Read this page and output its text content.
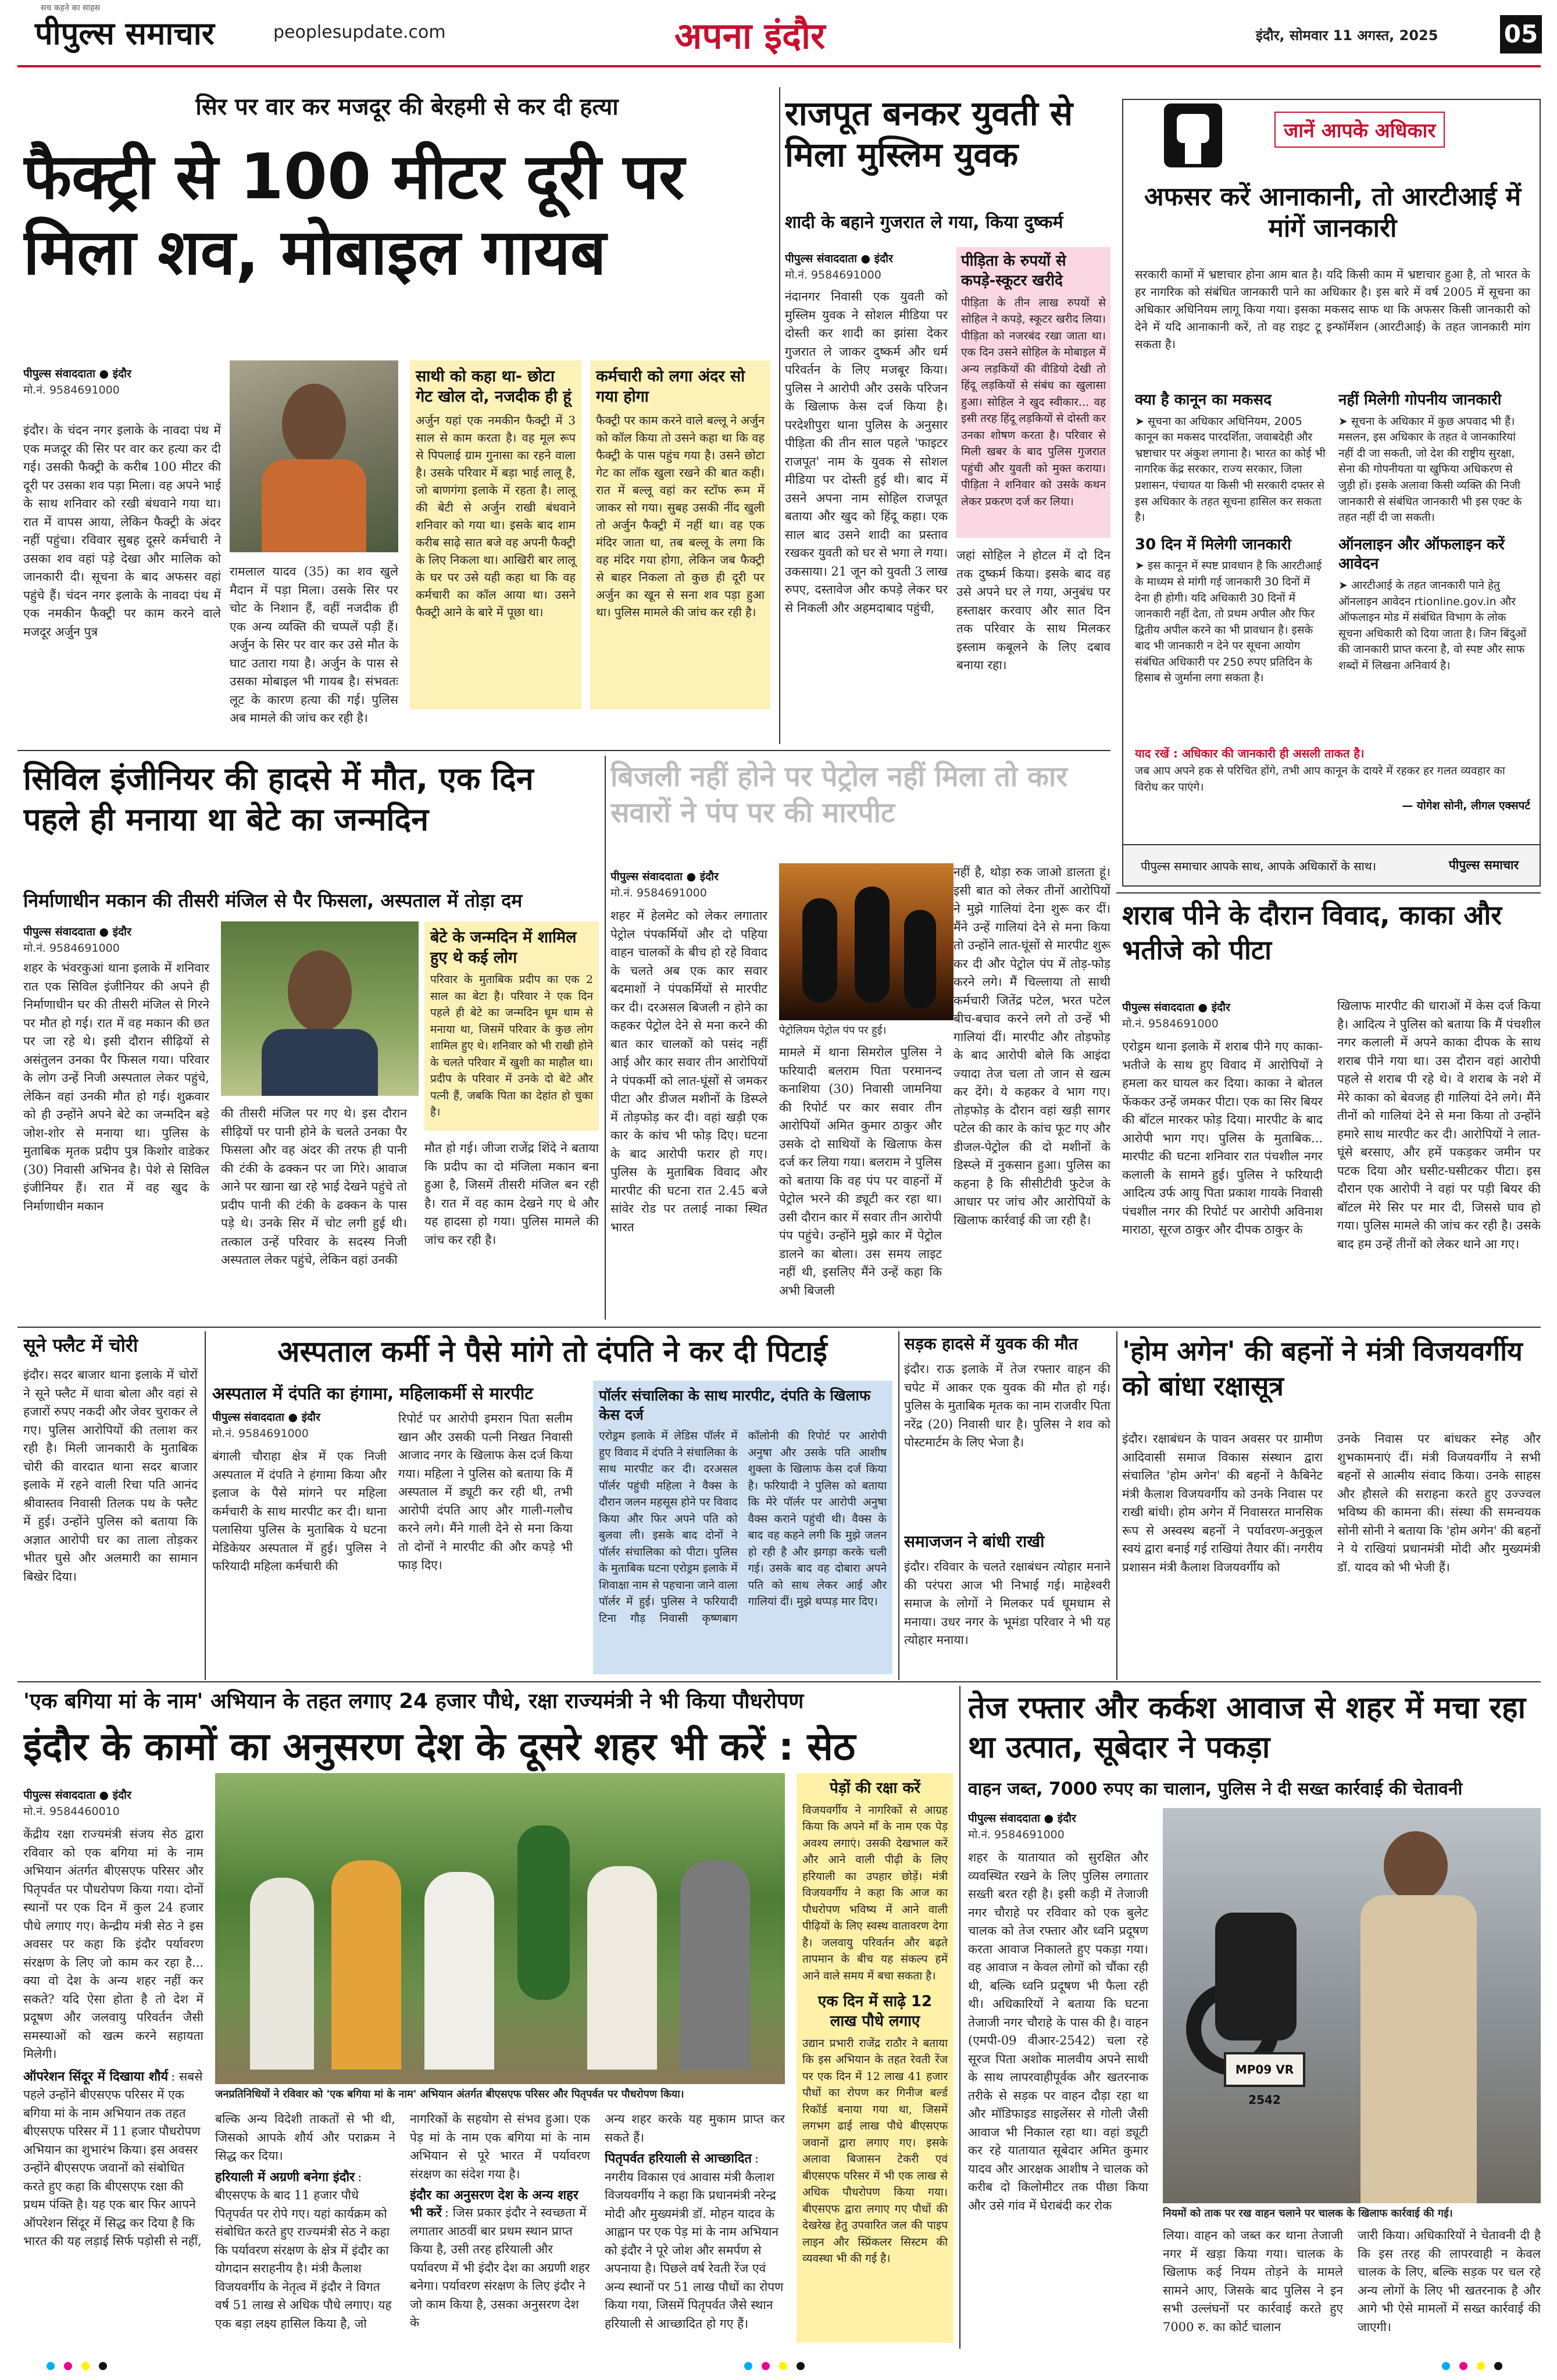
पीपुल्स समाचार
सच कहने का साहस
peoplesupdate.com	अपना इंदौर	इंदौर, सोमवार 11 अगस्त, 2025	05
सिर पर वार कर मजदूर की बेरहमी से कर दी हत्या
फैक्ट्री से 100 मीटर दूरी पर मिला शव, मोबाइल गायब
पीपुल्स संवाददाता ● इंदौर
मो.नं. 9584691000
इंदौर। के चंदन नगर इलाके के नावदा पंथ में एक मजदूर की सिर पर वार कर हत्या कर दी गई। उसकी फैक्ट्री के करीब 100 मीटर की दूरी पर उसका शव पड़ा मिला। वह अपने भाई के साथ शनिवार को रखी बंधवाने गया था। रात में वापस आया, लेकिन फैक्ट्री के अंदर नहीं पहुंचा। रविवार सुबह दूसरे कर्मचारी ने उसका शव वहां पड़े देखा और मालिक को जानकारी दी। सूचना के बाद अफसर वहां पहुंचे हैं। चंदन नगर इलाके के नावदा पंथ में एक नमकीन फैक्ट्री पर काम करने वाले मजदूर अर्जुन पुत्र
रामलाल यादव (35) का शव खुले मैदान में पड़ा मिला। उसके सिर पर चोट के निशान हैं, वहीं नजदीक ही एक अन्य व्यक्ति की चप्पलें पड़ी हैं। अर्जुन के सिर पर वार कर उसे मौत के घाट उतारा गया है। अर्जुन के पास से उसका मोबाइल भी गायब है। संभवतः लूट के कारण हत्या की गई। पुलिस अब मामले की जांच कर रही है।
साथी को कहा था- छोटा गेट खोल दो, नजदीक ही हूं
अर्जुन यहां एक नमकीन फैक्ट्री में 3 साल से काम करता है। वह मूल रूप से पिपलाई ग्राम गुनासा का रहने वाला है। उसके परिवार में बड़ा भाई लालू है, जो बाणगंगा इलाके में रहता है। लालू की बेटी से अर्जुन राखी बंधवाने शनिवार को गया था। इसके बाद शाम करीब साढ़े सात बजे वह अपनी फैक्ट्री के लिए निकला था। आखिरी बार लालू के घर पर उसे यही कहा था कि वह कर्मचारी का कॉल आया था। उसने फैक्ट्री आने के बारे में पूछा था।
कर्मचारी को लगा अंदर सो गया होगा
फैक्ट्री पर काम करने वाले बल्लू ने अर्जुन को कॉल किया तो उसने कहा था कि वह फैक्ट्री के पास पहुंच गया है। उसने छोटा गेट का लॉक खुला रखने की बात कही। रात में बल्लू वहां कर स्टॉफ रूम में जाकर सो गया। सुबह उसकी नींद खुली तो अर्जुन फैक्ट्री में नहीं था। वह एक मंदिर जाता था, तब बल्लू के लगा कि वह मंदिर गया होगा, लेकिन जब फैक्ट्री से बाहर निकला तो कुछ ही दूरी पर अर्जुन का खून से सना शव पड़ा हुआ था। पुलिस मामले की जांच कर रही है।
राजपूत बनकर युवती से मिला मुस्लिम युवक
शादी के बहाने गुजरात ले गया, किया दुष्कर्म
पीपुल्स संवाददाता ● इंदौर
मो.नं. 9584691000
नंदानगर निवासी एक युवती को मुस्लिम युवक ने सोशल मीडिया पर दोस्ती कर शादी का झांसा देकर गुजरात ले जाकर दुष्कर्म और धर्म परिवर्तन के लिए मजबूर किया। पुलिस ने आरोपी और उसके परिजन के खिलाफ केस दर्ज किया है। परदेशीपुरा थाना पुलिस के अनुसार पीड़िता की तीन साल पहले 'फाइटर राजपूत' नाम के युवक से सोशल मीडिया पर दोस्ती हुई थी। बाद में उसने अपना नाम सोहिल राजपूत बताया और खुद को हिंदू कहा। एक साल बाद उसने शादी का प्रस्ताव रखकर युवती को घर से भगा ले गया। उकसाया। 21 जून को युवती 3 लाख रुपए, दस्तावेज और कपड़े लेकर घर से निकली और अहमदाबाद पहुंची,
पीड़िता के रुपयों से कपड़े-स्कूटर खरीदे
पीड़िता के तीन लाख रुपयों से सोहिल ने कपड़े, स्कूटर खरीद लिया। पीड़िता को नजरबंद रखा जाता था। एक दिन उसने सोहिल के मोबाइल में अन्य लड़कियों की वीडियो देखी तो हिंदू लड़कियों से संबंध का खुलासा हुआ। सोहिल ने खुद स्वीकार... वह इसी तरह हिंदू लड़कियों से दोस्ती कर उनका शोषण करता है। परिवार से मिली खबर के बाद पुलिस गुजरात पहुंची और युवती को मुक्त कराया। पीड़िता ने शनिवार को उसके कथन लेकर प्रकरण दर्ज कर लिया।
जहां सोहिल ने होटल में दो दिन तक दुष्कर्म किया। इसके बाद वह उसे अपने घर ले गया, अनुबंध पर हस्ताक्षर करवाए और सात दिन तक परिवार के साथ मिलकर इस्लाम कबूलने के लिए दबाव बनाया रहा।
जानें आपके अधिकार
अफसर करें आनाकानी, तो आरटीआई में मांगें जानकारी
सरकारी कामों में भ्रष्टाचार होना आम बात है। यदि किसी काम में भ्रष्टाचार हुआ है, तो भारत के हर नागरिक को संबंधित जानकारी पाने का अधिकार है। इस बारे में वर्ष 2005 में सूचना का अधिकार अधिनियम लागू किया गया। इसका मकसद साफ था कि अफसर किसी जानकारी को देने में यदि आनाकानी करें, तो वह राइट टू इन्फॉर्मेशन (आरटीआई) के तहत जानकारी मांग सकता है।
क्या है कानून का मकसद
➤ सूचना का अधिकार अधिनियम, 2005 कानून का मकसद पारदर्शिता, जवाबदेही और भ्रष्टाचार पर अंकुश लगाना है। भारत का कोई भी नागरिक केंद्र सरकार, राज्य सरकार, जिला प्रशासन, पंचायत या किसी भी सरकारी दफ्तर से इस अधिकार के तहत सूचना हासिल कर सकता है।
30 दिन में मिलेगी जानकारी
➤ इस कानून में स्पष्ट प्रावधान है कि आरटीआई के माध्यम से मांगी गई जानकारी 30 दिनों में देना ही होगी। यदि अधिकारी 30 दिनों में जानकारी नहीं देता, तो प्रथम अपील और फिर द्वितीय अपील करने का भी प्रावधान है। इसके बाद भी जानकारी न देने पर सूचना आयोग संबंधित अधिकारी पर 250 रुपए प्रतिदिन के हिसाब से जुर्माना लगा सकता है।
नहीं मिलेगी गोपनीय जानकारी
➤ सूचना के अधिकार में कुछ अपवाद भी हैं। मसलन, इस अधिकार के तहत वे जानकारियां नहीं दी जा सकती, जो देश की राष्ट्रीय सुरक्षा, सेना की गोपनीयता या खुफिया अधिकरण से जुड़ी हों। इसके अलावा किसी व्यक्ति की निजी जानकारी से संबंधित जानकारी भी इस एक्ट के तहत नहीं दी जा सकती।
ऑनलाइन और ऑफलाइन करें आवेदन
➤ आरटीआई के तहत जानकारी पाने हेतु ऑनलाइन आवेदन rtionline.gov.in और ऑफलाइन मोड में संबंधित विभाग के लोक सूचना अधिकारी को दिया जाता है। जिन बिंदुओं की जानकारी प्राप्त करना है, वो स्पष्ट और साफ शब्दों में लिखना अनिवार्य है।
याद रखें : अधिकार की जानकारी ही असली ताकत है।
जब आप अपने हक से परिचित होंगे, तभी आप कानून के दायरे में रहकर हर गलत व्यवहार का विरोध कर पाएंगे।
— योगेश सोनी, लीगल एक्सपर्ट
पीपुल्स समाचार आपके साथ, आपके अधिकारों के साथ।	पीपुल्स समाचार
सिविल इंजीनियर की हादसे में मौत, एक दिन पहले ही मनाया था बेटे का जन्मदिन
निर्माणाधीन मकान की तीसरी मंजिल से पैर फिसला, अस्पताल में तोड़ा दम
पीपुल्स संवाददाता ● इंदौर
मो.नं. 9584691000
शहर के भंवरकुआं थाना इलाके में शनिवार रात एक सिविल इंजीनियर की अपने ही निर्माणाधीन घर की तीसरी मंजिल से गिरने पर मौत हो गई। रात में वह मकान की छत पर जा रहे थे। इसी दौरान सीढ़ियों से असंतुलन उनका पैर फिसल गया। परिवार के लोग उन्हें निजी अस्पताल लेकर पहुंचे, लेकिन वहां उनकी मौत हो गई। शुक्रवार को ही उन्होंने अपने बेटे का जन्मदिन बड़े जोश-शोर से मनाया था। पुलिस के मुताबिक मृतक प्रदीप पुत्र किशोर वाडेकर (30) निवासी अभिनव है। पेशे से सिविल इंजीनियर हैं। रात में वह खुद के निर्माणाधीन मकान
की तीसरी मंजिल पर गए थे। इस दौरान सीढ़ियों पर पानी होने के चलते उनका पैर फिसला और वह अंदर की तरफ ही पानी की टंकी के ढक्कन पर जा गिरे। आवाज आने पर खाना खा रहे भाई देखने पहुंचे तो प्रदीप पानी की टंकी के ढक्कन के पास पड़े थे। उनके सिर में चोट लगी हुई थी। तत्काल उन्हें परिवार के सदस्य निजी अस्पताल लेकर पहुंचे, लेकिन वहां उनकी
बेटे के जन्मदिन में शामिल हुए थे कई लोग
परिवार के मुताबिक प्रदीप का एक 2 साल का बेटा है। परिवार ने एक दिन पहले ही बेटे का जन्मदिन धूम धाम से मनाया था, जिसमें परिवार के कुछ लोग शामिल हुए थे। शनिवार को भी राखी होने के चलते परिवार में खुशी का माहौल था। प्रदीप के परिवार में उनके दो बेटे और पत्नी हैं, जबकि पिता का देहांत हो चुका है।
मौत हो गई। जीजा राजेंद्र शिंदे ने बताया कि प्रदीप का दो मंजिला मकान बना हुआ है, जिसमें तीसरी मंजिल बन रही है। रात में वह काम देखने गए थे और यह हादसा हो गया। पुलिस मामले की जांच कर रही है।
बिजली नहीं होने पर पेट्रोल नहीं मिला तो कार सवारों ने पंप पर की मारपीट
पीपुल्स संवाददाता ● इंदौर
मो.नं. 9584691000
शहर में हेलमेट को लेकर लगातार पेट्रोल पंपकर्मियों और दो पहिया वाहन चालकों के बीच हो रहे विवाद के चलते अब एक कार सवार बदमाशों ने पंपकर्मियों से मारपीट कर दी। दरअसल बिजली न होने का कहकर पेट्रोल देने से मना करने की बात कार चालकों को पसंद नहीं आई और कार सवार तीन आरोपियों ने पंपकर्मी को लात-घूंसों से जमकर पीटा और डीजल मशीनों के डिस्प्ले में तोड़फोड़ कर दी। वहां खड़ी एक कार के कांच भी फोड़ दिए। घटना के बाद आरोपी फरार हो गए। पुलिस के मुताबिक विवाद और मारपीट की घटना रात 2.45 बजे सांवेर रोड पर तलाई नाका स्थित भारत
पेट्रोलियम पेट्रोल पंप पर हुई।
मामले में थाना सिमरोल पुलिस ने फरियादी बलराम पिता परमानन्द कनाशिया (30) निवासी जामनिया की रिपोर्ट पर कार सवार तीन आरोपियों अमित कुमार ठाकुर और उसके दो साथियों के खिलाफ केस दर्ज कर लिया गया। बलराम ने पुलिस को बताया कि वह पंप पर वाहनों में पेट्रोल भरने की ड्यूटी कर रहा था। उसी दौरान कार में सवार तीन आरोपी पंप पहुंचे। उन्होंने मुझे कार में पेट्रोल डालने का बोला। उस समय लाइट नहीं थी, इसलिए मैंने उन्हें कहा कि अभी बिजली
नहीं है, थोड़ा रुक जाओ डालता हूं। इसी बात को लेकर तीनों आरोपियों ने मुझे गालियां देना शुरू कर दीं। मैंने उन्हें गालियां देने से मना किया तो उन्होंने लात-घूंसों से मारपीट शुरू कर दी और पेट्रोल पंप में तोड़-फोड़ करने लगे। मैं चिल्लाया तो साथी कर्मचारी जितेंद्र पटेल, भरत पटेल बीच-बचाव करने लगे तो उन्हें भी गालियां दीं। मारपीट और तोड़फोड़ के बाद आरोपी बोले कि आइंदा ज्यादा तेज चला तो जान से खत्म कर देंगे। ये कहकर वे भाग गए। तोड़फोड़ के दौरान वहां खड़ी सागर पटेल की कार के कांच फूट गए और डीजल-पेट्रोल की दो मशीनों के डिस्प्ले में नुकसान हुआ। पुलिस का कहना है कि सीसीटीवी फुटेज के आधार पर जांच और आरोपियों के खिलाफ कार्रवाई की जा रही है।
शराब पीने के दौरान विवाद, काका और भतीजे को पीटा
पीपुल्स संवाददाता ● इंदौर
मो.नं. 9584691000
एरोड्रम थाना इलाके में शराब पीने गए काका-भतीजे के साथ हुए विवाद में आरोपियों ने हमला कर घायल कर दिया। काका ने बोतल फेंककर उन्हें जमकर पीटा। एक का सिर बियर की बॉटल मारकर फोड़ दिया। मारपीट के बाद आरोपी भाग गए। पुलिस के मुताबिक... मारपीट की घटना शनिवार रात पंचशील नगर कलाली के सामने हुई। पुलिस ने फरियादी आदित्य उर्फ आयु पिता प्रकाश गायके निवासी पंचशील नगर की रिपोर्ट पर आरोपी अविनाश माराठा, सूरज ठाकुर और दीपक ठाकुर के
खिलाफ मारपीट की धाराओं में केस दर्ज किया है। आदित्य ने पुलिस को बताया कि मैं पंचशील नगर कलाली में अपने काका दीपक के साथ शराब पीने गया था। उस दौरान वहां आरोपी पहले से शराब पी रहे थे। वे शराब के नशे में मेरे काका को बेवजह ही गालियां देने लगे। मैंने तीनों को गालियां देने से मना किया तो उन्होंने हमारे साथ मारपीट कर दी। आरोपियों ने लात-घूंसे बरसाए, और हमें पकड़कर जमीन पर पटक दिया और घसीट-घसीटकर पीटा। इस दौरान एक आरोपी ने वहां पर पड़ी बियर की बॉटल मेरे सिर पर मार दी, जिससे घाव हो गया। पुलिस मामले की जांच कर रही है। उसके बाद हम उन्हें तीनों को लेकर थाने आ गए।
सूने फ्लैट में चोरी
इंदौर। सदर बाजार थाना इलाके में चोरों ने सूने फ्लैट में धावा बोला और वहां से हजारों रुपए नकदी और जेवर चुराकर ले गए। पुलिस आरोपियों की तलाश कर रही है। मिली जानकारी के मुताबिक चोरी की वारदात थाना सदर बाजार इलाके में रहने वाली रिचा पति आनंद श्रीवास्तव निवासी तिलक पथ के फ्लैट में हुई। उन्होंने पुलिस को बताया कि अज्ञात आरोपी घर का ताला तोड़कर भीतर घुसे और अलमारी का सामान बिखेर दिया।
अस्पताल कर्मी ने पैसे मांगे तो दंपति ने कर दी पिटाई
अस्पताल में दंपति का हंगामा, महिलाकर्मी से मारपीट
पीपुल्स संवाददाता ● इंदौर
मो.नं. 9584691000
बंगाली चौराहा क्षेत्र में एक निजी अस्पताल में दंपति ने हंगामा किया और इलाज के पैसे मांगने पर महिला कर्मचारी के साथ मारपीट कर दी। थाना पलासिया पुलिस के मुताबिक ये घटना मेडिकेयर अस्पताल में हुई। पुलिस ने फरियादी महिला कर्मचारी की
रिपोर्ट पर आरोपी इमरान पिता सलीम खान और उसकी पत्नी निखत निवासी आजाद नगर के खिलाफ केस दर्ज किया गया। महिला ने पुलिस को बताया कि मैं अस्पताल में ड्यूटी कर रही थी, तभी आरोपी दंपति आए और गाली-गलौच करने लगे। मैंने गाली देने से मना किया तो दोनों ने मारपीट की और कपड़े भी फाड़ दिए।
पॉर्लर संचालिका के साथ मारपीट, दंपति के खिलाफ केस दर्ज
एरोड्रम इलाके में लेडिस पॉर्लर में हुए विवाद में दंपति ने संचालिका के साथ मारपीट कर दी। दरअसल पॉर्लर पहुंची महिला ने वैक्स के दौरान जलन महसूस होने पर विवाद किया और फिर अपने पति को बुलवा ली। इसके बाद दोनों ने पॉर्लर संचालिका को पीटा। पुलिस के मुताबिक घटना एरोड्रम इलाके में शिवाक्षा नाम से पहचाना जाने वाला पॉर्लर में हुई। पुलिस ने फरियादी टिना गौड़ निवासी कृष्णबाग कॉलोनी की रिपोर्ट पर आरोपी अनुषा और उसके पति आशीष शुक्ला के खिलाफ केस दर्ज किया है। फरियादी ने पुलिस को बताया कि मेरे पॉर्लर पर आरोपी अनुषा वैक्स कराने पहुंची थी। वैक्स के बाद वह कहने लगी कि मुझे जलन हो रही है और झगड़ा करके चली गई। उसके बाद वह दोबारा अपने पति को साथ लेकर आई और गालियां दीं। मुझे थप्पड़ मार दिए।
सड़क हादसे में युवक की मौत
इंदौर। राऊ इलाके में तेज रफ्तार वाहन की चपेट में आकर एक युवक की मौत हो गई। पुलिस के मुताबिक मृतक का नाम राजवीर पिता नरेंद्र (20) निवासी धार है। पुलिस ने शव को पोस्टमार्टम के लिए भेजा है।
समाजजन ने बांधी राखी
इंदौर। रविवार के चलते रक्षाबंधन त्योहार मनाने की परंपरा आज भी निभाई गई। माहेश्वरी समाज के लोगों ने मिलकर पर्व धूमधाम से मनाया। उधर नगर के भूमंडा परिवार ने भी यह त्योहार मनाया।
'होम अगेन' की बहनों ने मंत्री विजयवर्गीय को बांधा रक्षासूत्र
इंदौर। रक्षाबंधन के पावन अवसर पर ग्रामीण आदिवासी समाज विकास संस्थान द्वारा संचालित 'होम अगेन' की बहनों ने कैबिनेट मंत्री कैलाश विजयवर्गीय को उनके निवास पर राखी बांधी। होम अगेन में निवासरत मानसिक रूप से अस्वस्थ बहनों ने पर्यावरण-अनुकूल स्वयं द्वारा बनाई गई राखियां तैयार कीं। नगरीय प्रशासन मंत्री कैलाश विजयवर्गीय को
उनके निवास पर बांधकर स्नेह और शुभकामनाएं दीं। मंत्री विजयवर्गीय ने सभी बहनों से आत्मीय संवाद किया। उनके साहस और हौसले की सराहना करते हुए उज्ज्वल भविष्य की कामना की। संस्था की समन्वयक सोनी सोनी ने बताया कि 'होम अगेन' की बहनों ने ये राखियां प्रधानमंत्री मोदी और मुख्यमंत्री डॉ. यादव को भी भेजी हैं।
'एक बगिया मां के नाम' अभियान के तहत लगाए 24 हजार पौधे, रक्षा राज्यमंत्री ने भी किया पौधरोपण
इंदौर के कामों का अनुसरण देश के दूसरे शहर भी करें : सेठ
पीपुल्स संवाददाता ● इंदौर
मो.नं. 9584460010
केंद्रीय रक्षा राज्यमंत्री संजय सेठ द्वारा रविवार को एक बगिया मां के नाम अभियान अंतर्गत बीएसएफ परिसर और पितृपर्वत पर पौधरोपण किया गया। दोनों स्थानों पर एक दिन में कुल 24 हजार पौधे लगाए गए। केन्द्रीय मंत्री सेठ ने इस अवसर पर कहा कि इंदौर पर्यावरण संरक्षण के लिए जो काम कर रहा है... क्या वो देश के अन्य शहर नहीं कर सकते? यदि ऐसा होता है तो देश में प्रदूषण और जलवायु परिवर्तन जैसी समस्याओं को खत्म करने सहायता मिलेगी।
ऑपरेशन सिंदूर में दिखाया शौर्य : सबसे पहले उन्होंने बीएसएफ परिसर में एक बगिया मां के नाम अभियान तक तहत बीएसएफ परिसर में 11 हजार पौधरोपण अभियान का शुभारंभ किया। इस अवसर उन्होंने बीएसएफ जवानों को संबोधित करते हुए कहा कि बीएसएफ रक्षा की प्रथम पंक्ति है। यह एक बार फिर आपने ऑपरेशन सिंदूर में सिद्ध कर दिया है कि भारत की यह लड़ाई सिर्फ पड़ोसी से नहीं,
जनप्रतिनिधियों ने रविवार को 'एक बगिया मां के नाम' अभियान अंतर्गत बीएसएफ परिसर और पितृपर्वत पर पौधरोपण किया।
बल्कि अन्य विदेशी ताकतों से भी थी, जिसको आपके शौर्य और पराक्रम ने सिद्ध कर दिया।
हरियाली में अग्रणी बनेगा इंदौर : बीएसएफ के बाद 11 हजार पौधे पितृपर्वत पर रोपे गए। यहां कार्यक्रम को संबोधित करते हुए राज्यमंत्री सेठ ने कहा कि पर्यावरण संरक्षण के क्षेत्र में इंदौर का योगदान सराहनीय है। मंत्री कैलाश विजयवर्गीय के नेतृत्व में इंदौर ने विगत वर्ष 51 लाख से अधिक पौधे लगाए। यह एक बड़ा लक्ष्य हासिल किया है, जो
नागरिकों के सहयोग से संभव हुआ। एक पेड़ मां के नाम एक बगिया मां के नाम अभियान से पूरे भारत में पर्यावरण संरक्षण का संदेश गया है।
इंदौर का अनुसरण देश के अन्य शहर भी करें : जिस प्रकार इंदौर ने स्वच्छता में लगातार आठवीं बार प्रथम स्थान प्राप्त किया है, उसी तरह हरियाली और पर्यावरण में भी इंदौर देश का अग्रणी शहर बनेगा। पर्यावरण संरक्षण के लिए इंदौर ने जो काम किया है, उसका अनुसरण देश के
अन्य शहर करके यह मुकाम प्राप्त कर सकते हैं।
पितृपर्वत हरियाली से आच्छादित : नगरीय विकास एवं आवास मंत्री कैलाश विजयवर्गीय ने कहा कि प्रधानमंत्री नरेन्द्र मोदी और मुख्यमंत्री डॉ. मोहन यादव के आह्वान पर एक पेड़ मां के नाम अभियान को इंदौर ने पूरे जोश और समर्पण से अपनाया है। पिछले वर्ष रेवती रेंज एवं अन्य स्थानों पर 51 लाख पौधों का रोपण किया गया, जिसमें पितृपर्वत जैसे स्थान हरियाली से आच्छादित हो गए हैं।
पेड़ों की रक्षा करें
विजयवर्गीय ने नागरिकों से आग्रह किया कि अपने माँ के नाम एक पेड़ अवश्य लगाएं। उसकी देखभाल करें और आने वाली पीढ़ी के लिए हरियाली का उपहार छोड़ें। मंत्री विजयवर्गीय ने कहा कि आज का पौधरोपण भविष्य में आने वाली पीढ़ियों के लिए स्वस्थ वातावरण देगा है। जलवायु परिवर्तन और बढ़ते तापमान के बीच यह संकल्प हमें आने वाले समय में बचा सकता है।
एक दिन में साढ़े 12 लाख पौधे लगाए
उद्यान प्रभारी राजेंद्र राठौर ने बताया कि इस अभियान के तहत रेवती रेंज पर एक दिन में 12 लाख 41 हजार पौधों का रोपण कर गिनीज बर्ल्ड रिकॉर्ड बनाया गया था, जिसमें लगभग ढाई लाख पौधे बीएसएफ जवानों द्वारा लगाए गए। इसके अलावा बिजासन टेकरी एवं बीएसएफ परिसर में भी एक लाख से अधिक पौधरोपण किया गया। बीएसएफ द्वारा लगाए गए पौधों की देखरेख हेतु उपवारित जल की पाइप लाइन और स्प्रिंकलर सिस्टम की व्यवस्था भी की गई है।
तेज रफ्तार और कर्कश आवाज से शहर में मचा रहा था उत्पात, सूबेदार ने पकड़ा
वाहन जब्त, 7000 रुपए का चालान, पुलिस ने दी सख्त कार्रवाई की चेतावनी
पीपुल्स संवाददाता ● इंदौर
मो.नं. 9584691000
शहर के यातायात को सुरक्षित और व्यवस्थित रखने के लिए पुलिस लगातार सख्ती बरत रही है। इसी कड़ी में तेजाजी नगर चौराहे पर रविवार को एक बुलेट चालक को तेज रफ्तार और ध्वनि प्रदूषण करता आवाज निकालते हुए पकड़ा गया। वह आवाज न केवल लोगों को चौंका रही थी, बल्कि ध्वनि प्रदूषण भी फैला रही थी। अधिकारियों ने बताया कि घटना तेजाजी नगर चौराहे के पास की है। वाहन (एमपी-09 वीआर-2542) चला रहे सूरज पिता अशोक मालवीय अपने साथी के साथ लापरवाहीपूर्वक और खतरनाक तरीके से सड़क पर वाहन दौड़ा रहा था और मॉडिफाइड साइलेंसर से गोली जैसी आवाज भी निकाल रहा था। वहां ड्यूटी कर रहे यातायात सूबेदार अमित कुमार यादव और आरक्षक आशीष ने चालक को करीब दो किलोमीटर तक पीछा किया और उसे गांव में घेराबंदी कर रोक
MP09 VR 2542
नियमों को ताक पर रख वाहन चलाने पर चालक के खिलाफ कार्रवाई की गई।
लिया। वाहन को जब्त कर थाना तेजाजी नगर में खड़ा किया गया। चालक के खिलाफ कई नियम तोड़ने के मामले सामने आए, जिसके बाद पुलिस ने इन सभी उल्लंघनों पर कार्रवाई करते हुए 7000 रु. का कोर्ट चालान
जारी किया। अधिकारियों ने चेतावनी दी है कि इस तरह की लापरवाही न केवल चालक के लिए, बल्कि सड़क पर चल रहे अन्य लोगों के लिए भी खतरनाक है और आगे भी ऐसे मामलों में सख्त कार्रवाई की जाएगी।
